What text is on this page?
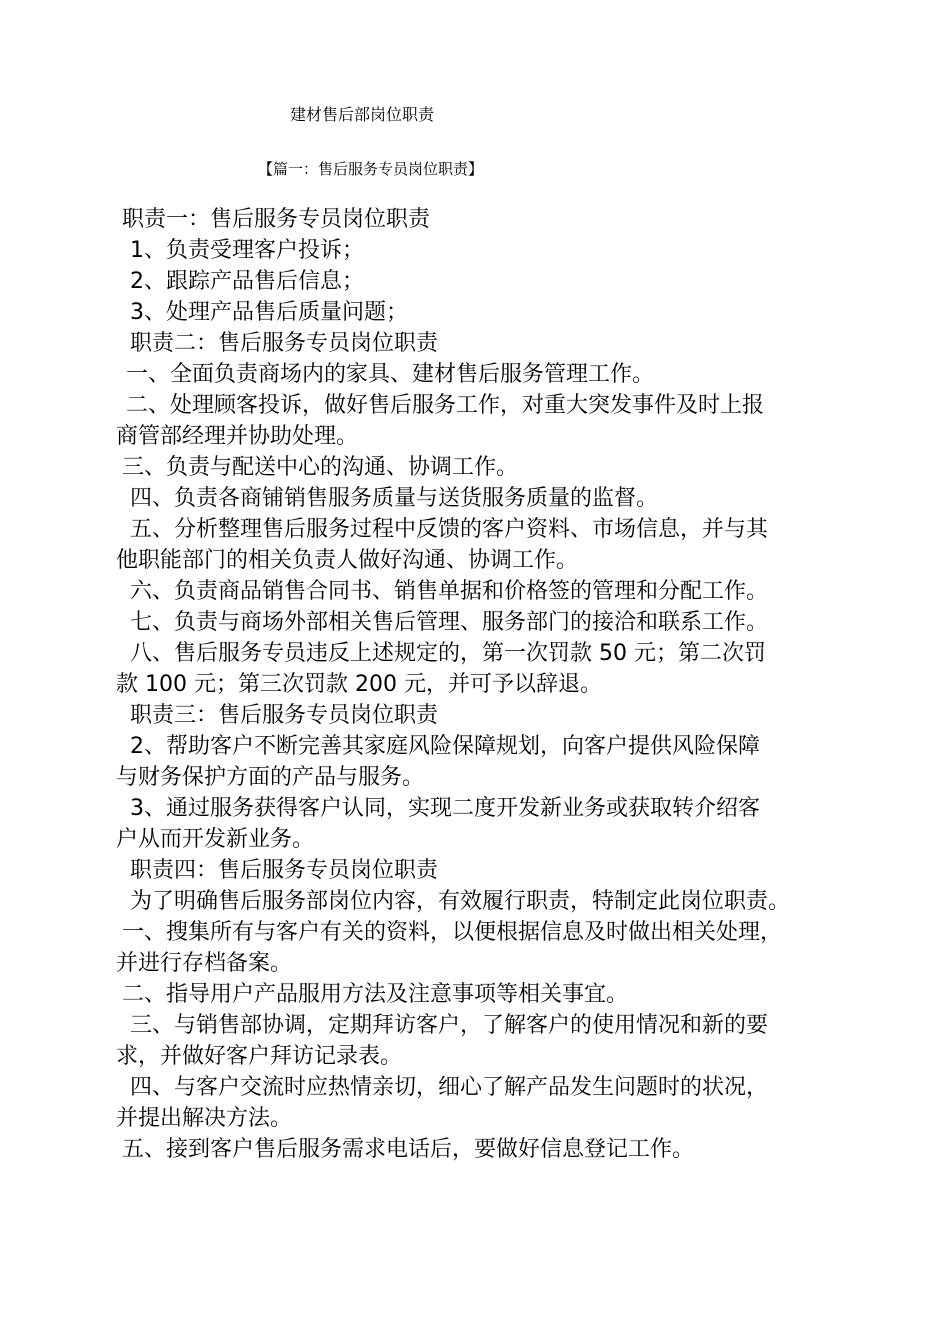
建材售后部岗位职责
【篇一：售后服务专员岗位职责】
职责一：售后服务专员岗位职责
1、负责受理客户投诉；
2、跟踪产品售后信息；
3、处理产品售后质量问题；
职责二：售后服务专员岗位职责
一、全面负责商场内的家具、建材售后服务管理工作。
二、处理顾客投诉，做好售后服务工作，对重大突发事件及时上报
商管部经理并协助处理。
三、负责与配送中心的沟通、协调工作。
四、负责各商铺销售服务质量与送货服务质量的监督。
五、分析整理售后服务过程中反馈的客户资料、市场信息，并与其
他职能部门的相关负责人做好沟通、协调工作。
六、负责商品销售合同书、销售单据和价格签的管理和分配工作。
七、负责与商场外部相关售后管理、服务部门的接洽和联系工作。
八、售后服务专员违反上述规定的，第一次罚款 50 元；第二次罚
款 100 元；第三次罚款 200 元，并可予以辞退。
职责三：售后服务专员岗位职责
2、帮助客户不断完善其家庭风险保障规划，向客户提供风险保障
与财务保护方面的产品与服务。
3、通过服务获得客户认同，实现二度开发新业务或获取转介绍客
户从而开发新业务。
职责四：售后服务专员岗位职责
为了明确售后服务部岗位内容，有效履行职责，特制定此岗位职责。
一、搜集所有与客户有关的资料，以便根据信息及时做出相关处理，
并进行存档备案。
二、指导用户产品服用方法及注意事项等相关事宜。
三、与销售部协调，定期拜访客户，了解客户的使用情况和新的要
求，并做好客户拜访记录表。
四、与客户交流时应热情亲切，细心了解产品发生问题时的状况，
并提出解决方法。
五、接到客户售后服务需求电话后，要做好信息登记工作。
